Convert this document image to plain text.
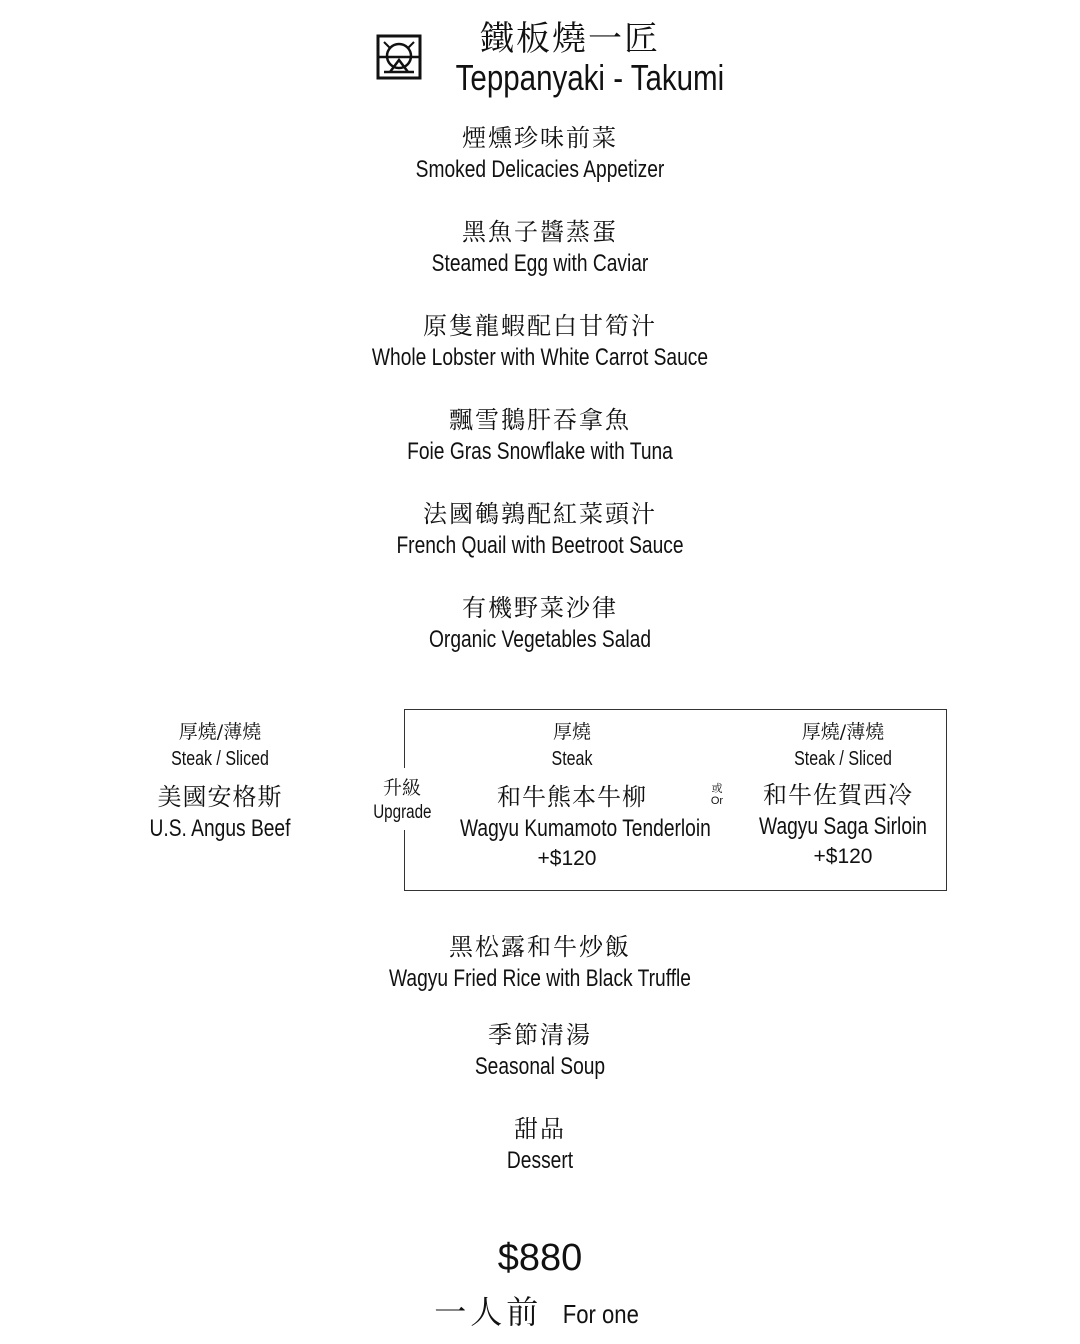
鐵板燒一匠
Teppanyaki - Takumi
煙燻珍味前菜
Smoked Delicacies Appetizer
黑魚子醬蒸蛋
Steamed Egg with Caviar
原隻龍蝦配白甘筍汁
Whole Lobster with White Carrot Sauce
飄雪鵝肝吞拿魚
Foie Gras Snowflake with Tuna
法國鵪鶉配紅菜頭汁
French Quail with Beetroot Sauce
有機野菜沙律
Organic Vegetables Salad
厚燒/薄燒
Steak / Sliced
美國安格斯
U.S. Angus Beef
升級
Upgrade
厚燒
Steak
和牛熊本牛柳
Wagyu Kumamoto Tenderloin
+$120
或
Or
厚燒/薄燒
Steak / Sliced
和牛佐賀西冷
Wagyu Saga Sirloin
+$120
黑松露和牛炒飯
Wagyu Fried Rice with Black Truffle
季節清湯
Seasonal Soup
甜品
Dessert
$880
一人前 For one
